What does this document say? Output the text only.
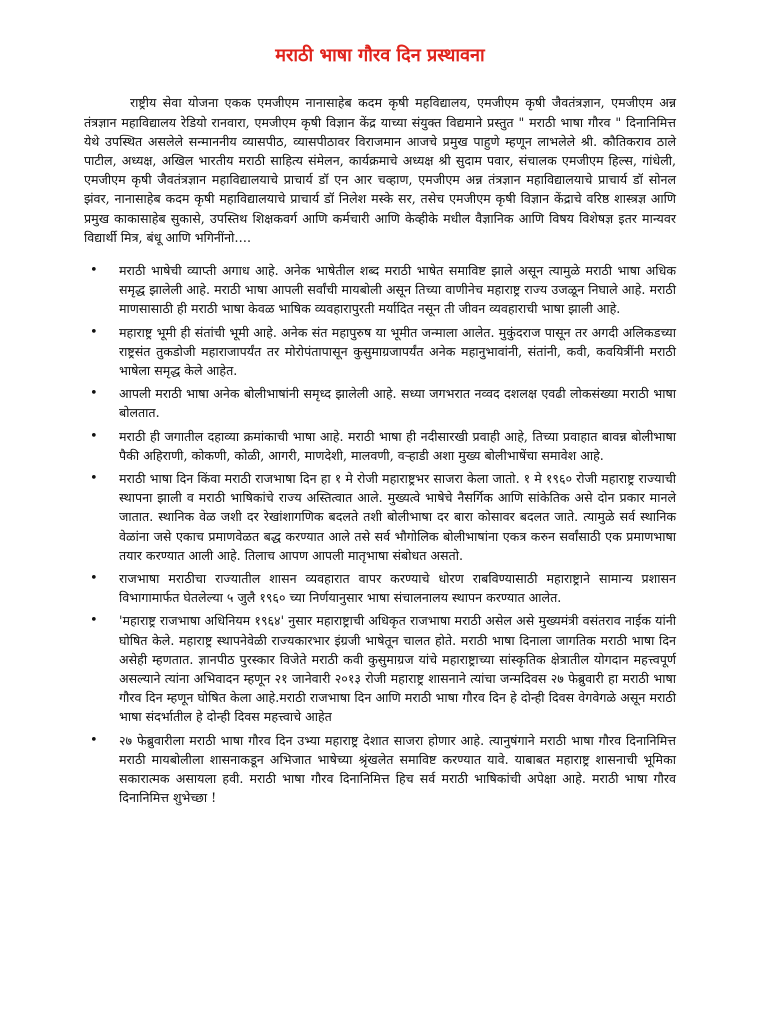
मराठी भाषा गौरव दिन प्रस्थावना

राष्ट्रीय सेवा योजना एकक एमजीएम नानासाहेब कदम कृषी महविद्यालय, एमजीएम कृषी जैवतंत्रज्ञान, एमजीएम अन्न तंत्रज्ञान महाविद्यालय रेडियो रानवारा, एमजीएम कृषी विज्ञान केंद्र याच्या संयुक्त विद्यमाने प्रस्तुत " मराठी भाषा गौरव " दिनानिमित्त येथे उपस्थित असलेले सन्माननीय व्यासपीठ, व्यासपीठावर विराजमान आजचे प्रमुख पाहुणे म्हणून लाभलेले श्री. कौतिकराव ठाले पाटील, अध्यक्ष, अखिल भारतीय मराठी साहित्य संमेलन, कार्यक्रमाचे अध्यक्ष श्री सुदाम पवार, संचालक एमजीएम हिल्स, गांधेली, एमजीएम कृषी जैवतंत्रज्ञान महाविद्यालयाचे प्राचार्य डॉ एन आर चव्हाण, एमजीएम अन्न तंत्रज्ञान महाविद्यालयाचे प्राचार्य डॉ सोनल झंवर, नानासाहेब कदम कृषी महाविद्यालयाचे प्राचार्य डॉ निलेश मस्के सर, तसेच एमजीएम कृषी विज्ञान केंद्राचे वरिष्ठ शास्त्रज्ञ आणि प्रमुख काकासाहेब सुकासे, उपस्तिथ शिक्षकवर्ग आणि कर्मचारी आणि केव्हीके मधील वैज्ञानिक आणि विषय विशेषज्ञ इतर मान्यवर विद्यार्थी मित्र, बंधू आणि भगिनींनो….

• मराठी भाषेची व्याप्ती अगाध आहे. अनेक भाषेतील शब्द मराठी भाषेत समाविष्ट झाले असून त्यामुळे मराठी भाषा अधिक समृद्ध झालेली आहे. मराठी भाषा आपली सर्वांची मायबोली असून तिच्या वाणीनेच महाराष्ट्र राज्य उजळून निघाले आहे. मराठी माणसासाठी ही मराठी भाषा केवळ भाषिक व्यवहारापुरती मर्यादित नसून ती जीवन व्यवहाराची भाषा झाली आहे.
• महाराष्ट्र भूमी ही संतांची भूमी आहे. अनेक संत महापुरुष या भूमीत जन्माला आलेत. मुकुंदराज पासून तर अगदी अलिकडच्या राष्ट्रसंत तुकडोजी महाराजापर्यंत तर मोरोपंतापासून कुसुमाग्रजापर्यंत अनेक महानुभावांनी, संतांनी, कवी, कवयित्रींनी मराठी भाषेला समृद्ध केले आहेत.
• आपली मराठी भाषा अनेक बोलीभाषांनी समृध्द झालेली आहे. सध्या जगभरात नव्वद दशलक्ष एवढी लोकसंख्या मराठी भाषा बोलतात.
• मराठी ही जगातील दहाव्या क्रमांकाची भाषा आहे. मराठी भाषा ही नदीसारखी प्रवाही आहे, तिच्या प्रवाहात बावन्न बोलीभाषा पैकी अहिराणी, कोकणी, कोळी, आगरी, माणदेशी, मालवणी, वऱ्हाडी अशा मुख्य बोलीभाषेंचा समावेश आहे.
• मराठी भाषा दिन किंवा मराठी राजभाषा दिन हा १ मे रोजी महाराष्ट्रभर साजरा केला जातो. १ मे १९६० रोजी महाराष्ट्र राज्याची स्थापना झाली व मराठी भाषिकांचे राज्य अस्तित्वात आले. मुख्यत्वे भाषेचे नैसर्गिक आणि सांकेतिक असे दोन प्रकार मानले जातात. स्थानिक वेळ जशी दर रेखांशागणिक बदलते तशी बोलीभाषा दर बारा कोसावर बदलत जाते. त्यामुळे सर्व स्थानिक वेळांना जसे एकाच प्रमाणवेळत बद्ध करण्यात आले तसे सर्व भौगोलिक बोलीभाषांना एकत्र करुन सर्वांसाठी एक प्रमाणभाषा तयार करण्यात आली आहे. तिलाच आपण आपली मातृभाषा संबोधत असतो.
• राजभाषा मराठीचा राज्यातील शासन व्यवहारात वापर करण्याचे धोरण राबविण्यासाठी महाराष्ट्राने सामान्य प्रशासन विभागामार्फत घेतलेल्या ५ जुलै १९६० च्या निर्णयानुसार भाषा संचालनालय स्थापन करण्यात आलेत.
• 'महाराष्ट्र राजभाषा अधिनियम १९६४' नुसार महाराष्ट्राची अधिकृत राजभाषा मराठी असेल असे मुख्यमंत्री वसंतराव नाईक यांनी घोषित केले. महाराष्ट्र स्थापनेवेळी राज्यकारभार इंग्रजी भाषेतून चालत होते. मराठी भाषा दिनाला जागतिक मराठी भाषा दिन असेही म्हणतात. ज्ञानपीठ पुरस्कार विजेते मराठी कवी कुसुमाग्रज यांचे महाराष्ट्राच्या सांस्कृतिक क्षेत्रातील योगदान महत्त्वपूर्ण असल्याने त्यांना अभिवादन म्हणून २१ जानेवारी २०१३ रोजी महाराष्ट्र शासनाने त्यांचा जन्मदिवस २७ फेब्रुवारी हा मराठी भाषा गौरव दिन म्हणून घोषित केला आहे.मराठी राजभाषा दिन आणि मराठी भाषा गौरव दिन हे दोन्ही दिवस वेगवेगळे असून मराठी भाषा संदर्भातील हे दोन्ही दिवस महत्त्वाचे आहेत
• २७ फेब्रुवारीला मराठी भाषा गौरव दिन उभ्या महाराष्ट्र देशात साजरा होणार आहे. त्यानुषंगाने मराठी भाषा गौरव दिनानिमित्त मराठी मायबोलीला शासनाकडून अभिजात भाषेच्या श्रृंखलेत समाविष्ट करण्यात यावे. याबाबत महाराष्ट्र शासनाची भूमिका सकारात्मक असायला हवी. मराठी भाषा गौरव दिनानिमित्त हिच सर्व मराठी भाषिकांची अपेक्षा आहे. मराठी भाषा गौरव दिनानिमित्त शुभेच्छा !
